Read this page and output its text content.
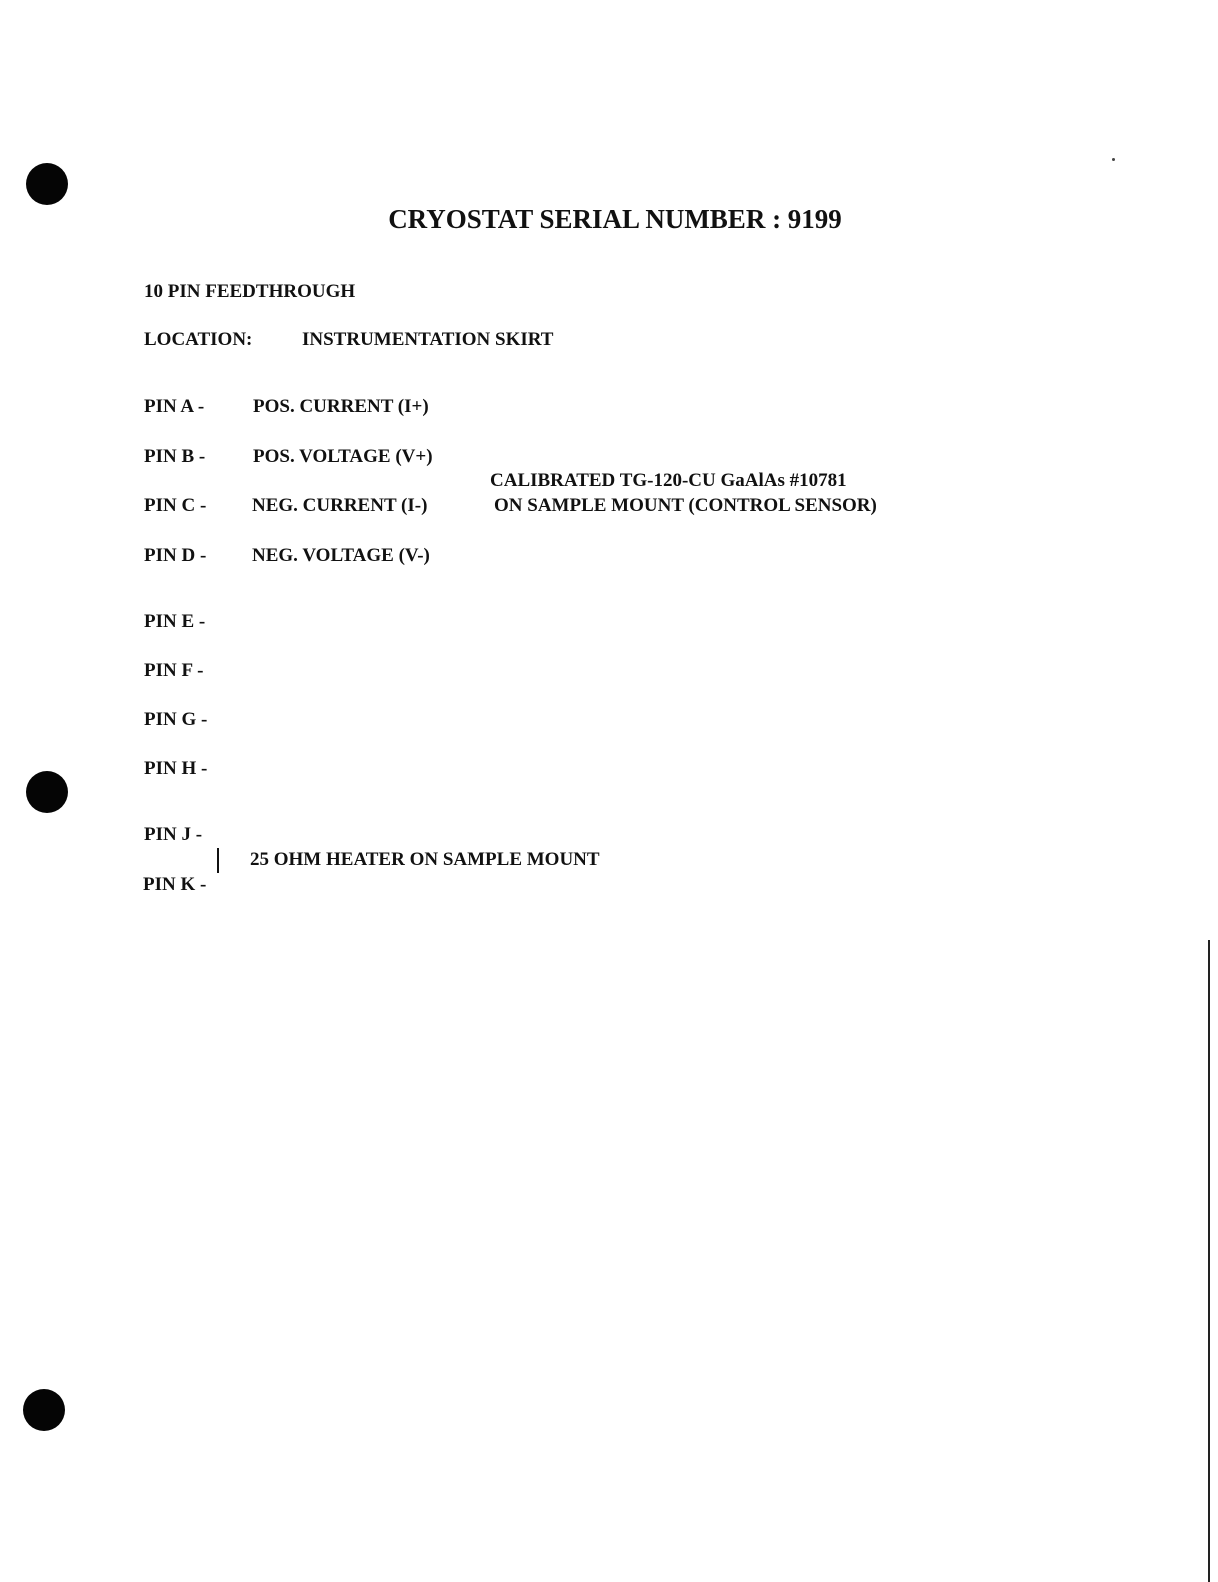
CRYOSTAT SERIAL NUMBER : 9199
10 PIN FEEDTHROUGH
LOCATION:	INSTRUMENTATION SKIRT
PIN A -
PIN B -
PIN C -
PIN D -
PIN E -
PIN F -
PIN G -
PIN H -
PIN J -
PIN K -
POS. CURRENT (I+)
POS. VOLTAGE (V+)
NEG. CURRENT (I-)
NEG. VOLTAGE (V-)
CALIBRATED TG-120-CU GaAlAs #10781
ON SAMPLE MOUNT (CONTROL SENSOR)
25 OHM HEATER ON SAMPLE MOUNT
